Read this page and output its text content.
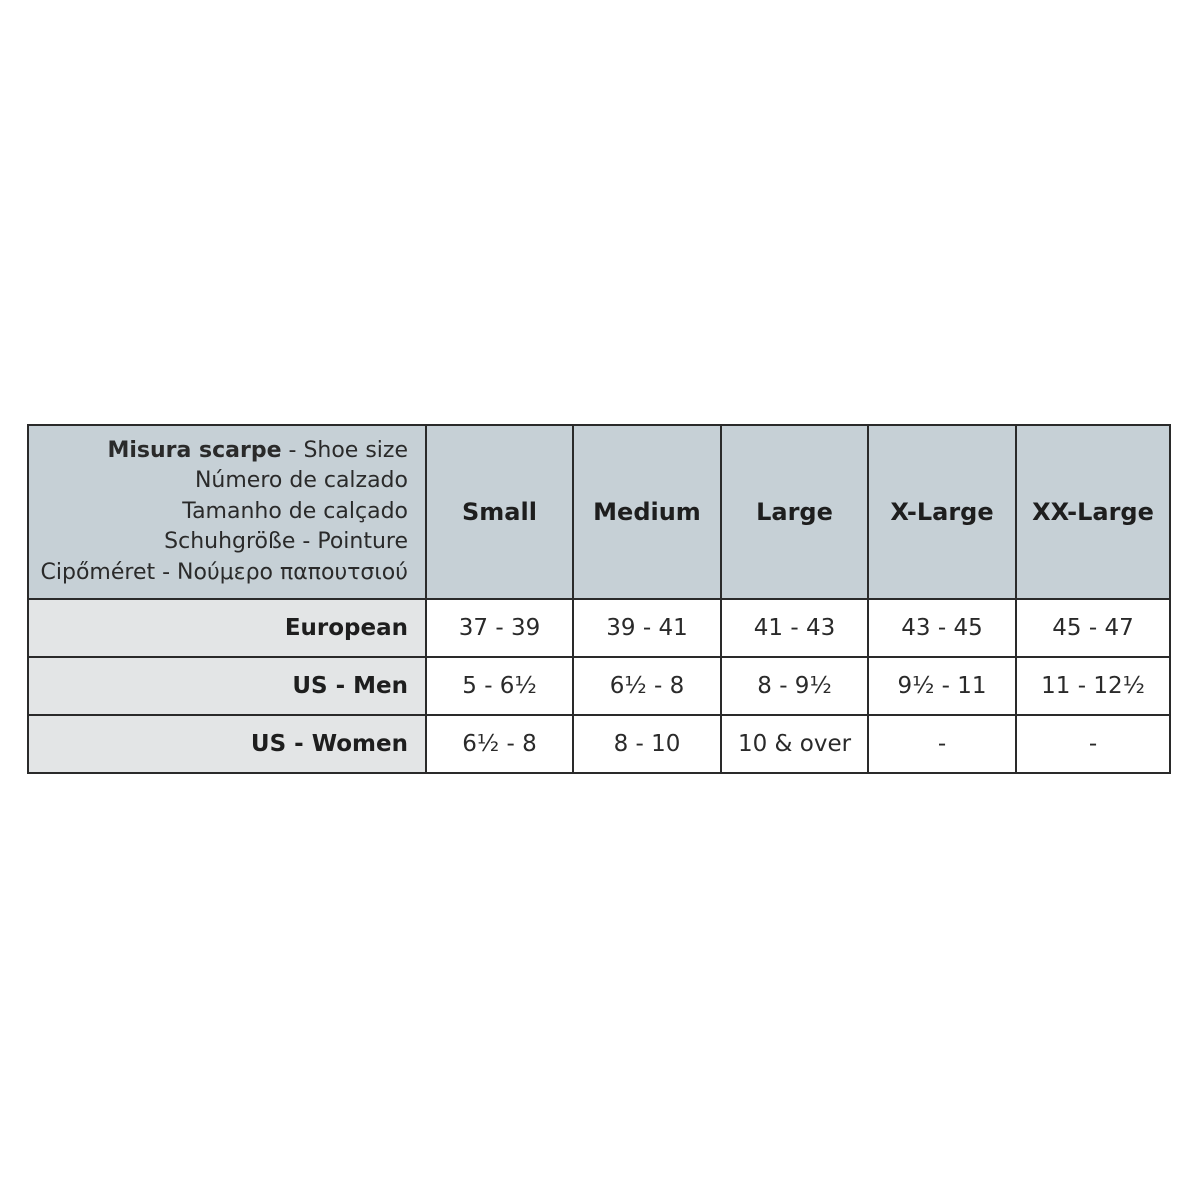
Misura scarpe - Shoe size
Número de calzado
Tamanho de calçado
Schuhgröße - Pointure
Cipőméret - Νούμερο παπουτσιού	Small	Medium	Large	X-Large	XX-Large
European	37 - 39	39 - 41	41 - 43	43 - 45	45 - 47
US - Men	5 - 6½	6½ - 8	8 - 9½	9½ - 11	11 - 12½
US - Women	6½ - 8	8 - 10	10 & over	-	-
